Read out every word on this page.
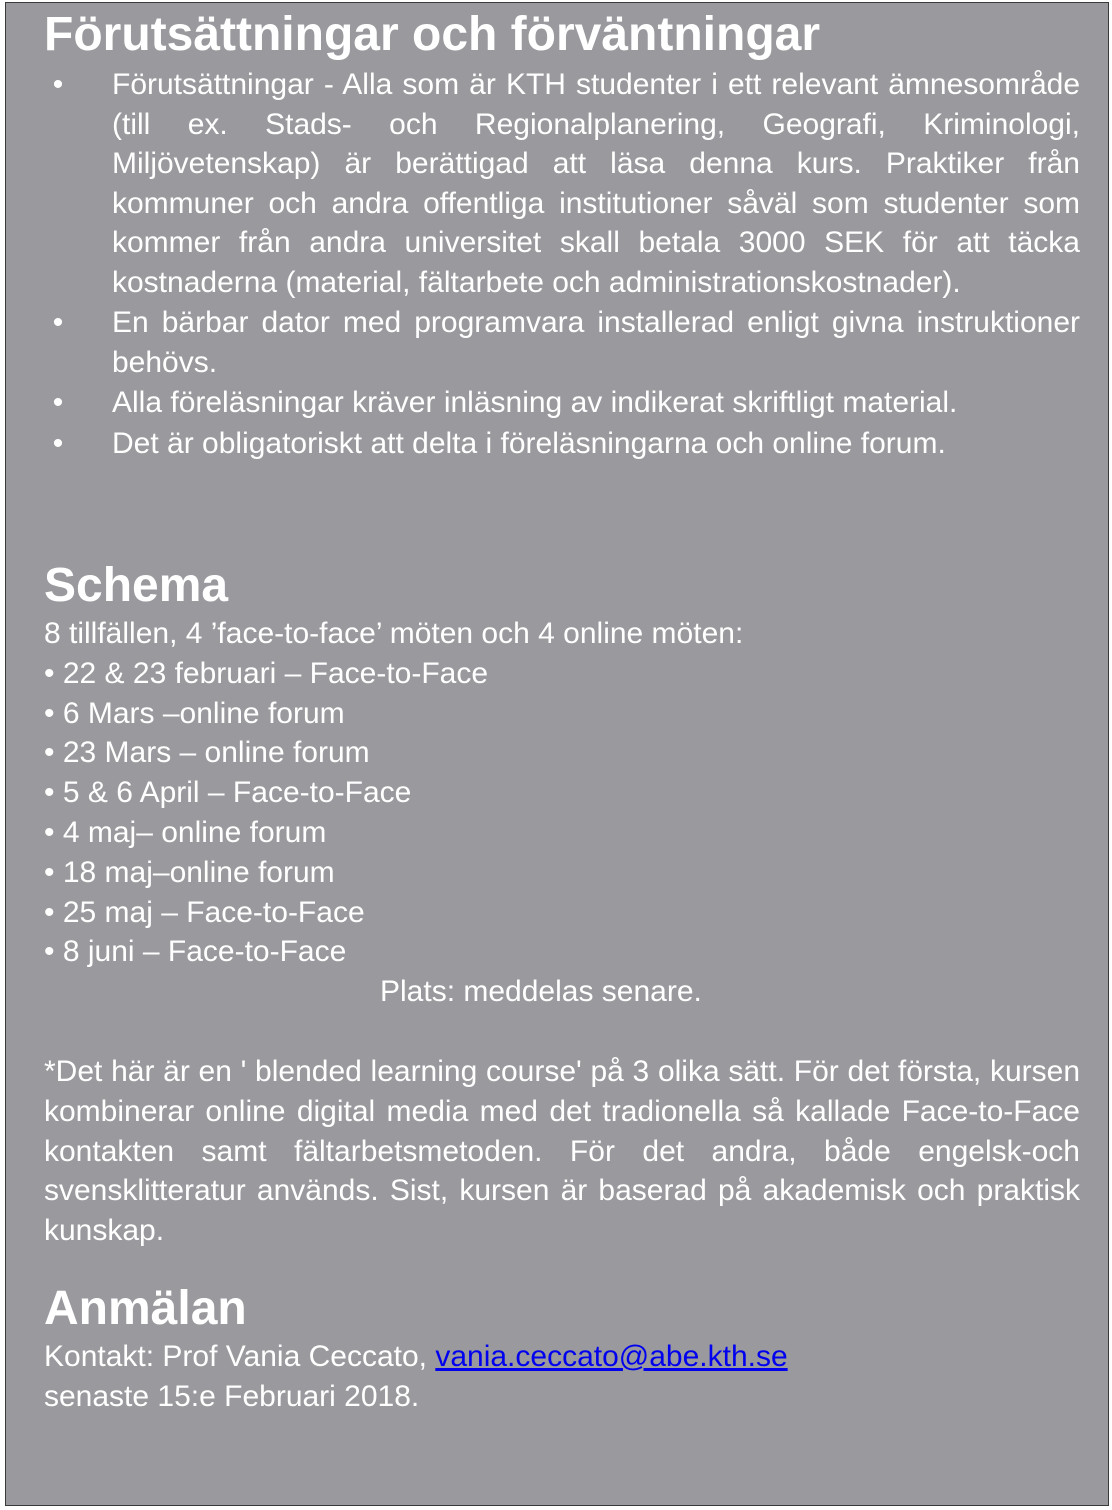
Förutsättningar och förväntningar
• Förutsättningar - Alla som är KTH studenter i ett relevant ämnesområde (till ex. Stads- och Regionalplanering, Geografi, Kriminologi, Miljövetenskap) är berättigad att läsa denna kurs. Praktiker från kommuner och andra offentliga institutioner såväl som studenter som kommer från andra universitet skall betala 3000 SEK för att täcka kostnaderna (material, fältarbete och administrationskostnader).
• En bärbar dator med programvara installerad enligt givna instruktioner behövs.
• Alla föreläsningar kräver inläsning av indikerat skriftligt material.
• Det är obligatoriskt att delta i föreläsningarna och online forum.
Schema

8 tillfällen, 4 ’face-to-face’ möten och 4 online möten:

• 22 & 23 februari – Face-to-Face

• 6 Mars –online forum

• 23 Mars – online forum

• 5 & 6 April – Face-to-Face

• 4 maj– online forum

• 18 maj–online forum

• 25 maj – Face-to-Face

• 8 juni – Face-to-Face

Plats: meddelas senare.

*Det här är en ' blended learning course' på 3 olika sätt. För det första, kursen kombinerar online digital media med det tradionella så kallade Face-to-Face kontakten samt fältarbetsmetoden. För det andra, både engelsk-och svensklitteratur används. Sist, kursen är baserad på akademisk och praktisk kunskap.

Anmälan

Kontakt: Prof Vania Ceccato, vania.ceccato@abe.kth.se

senaste 15:e Februari 2018.
